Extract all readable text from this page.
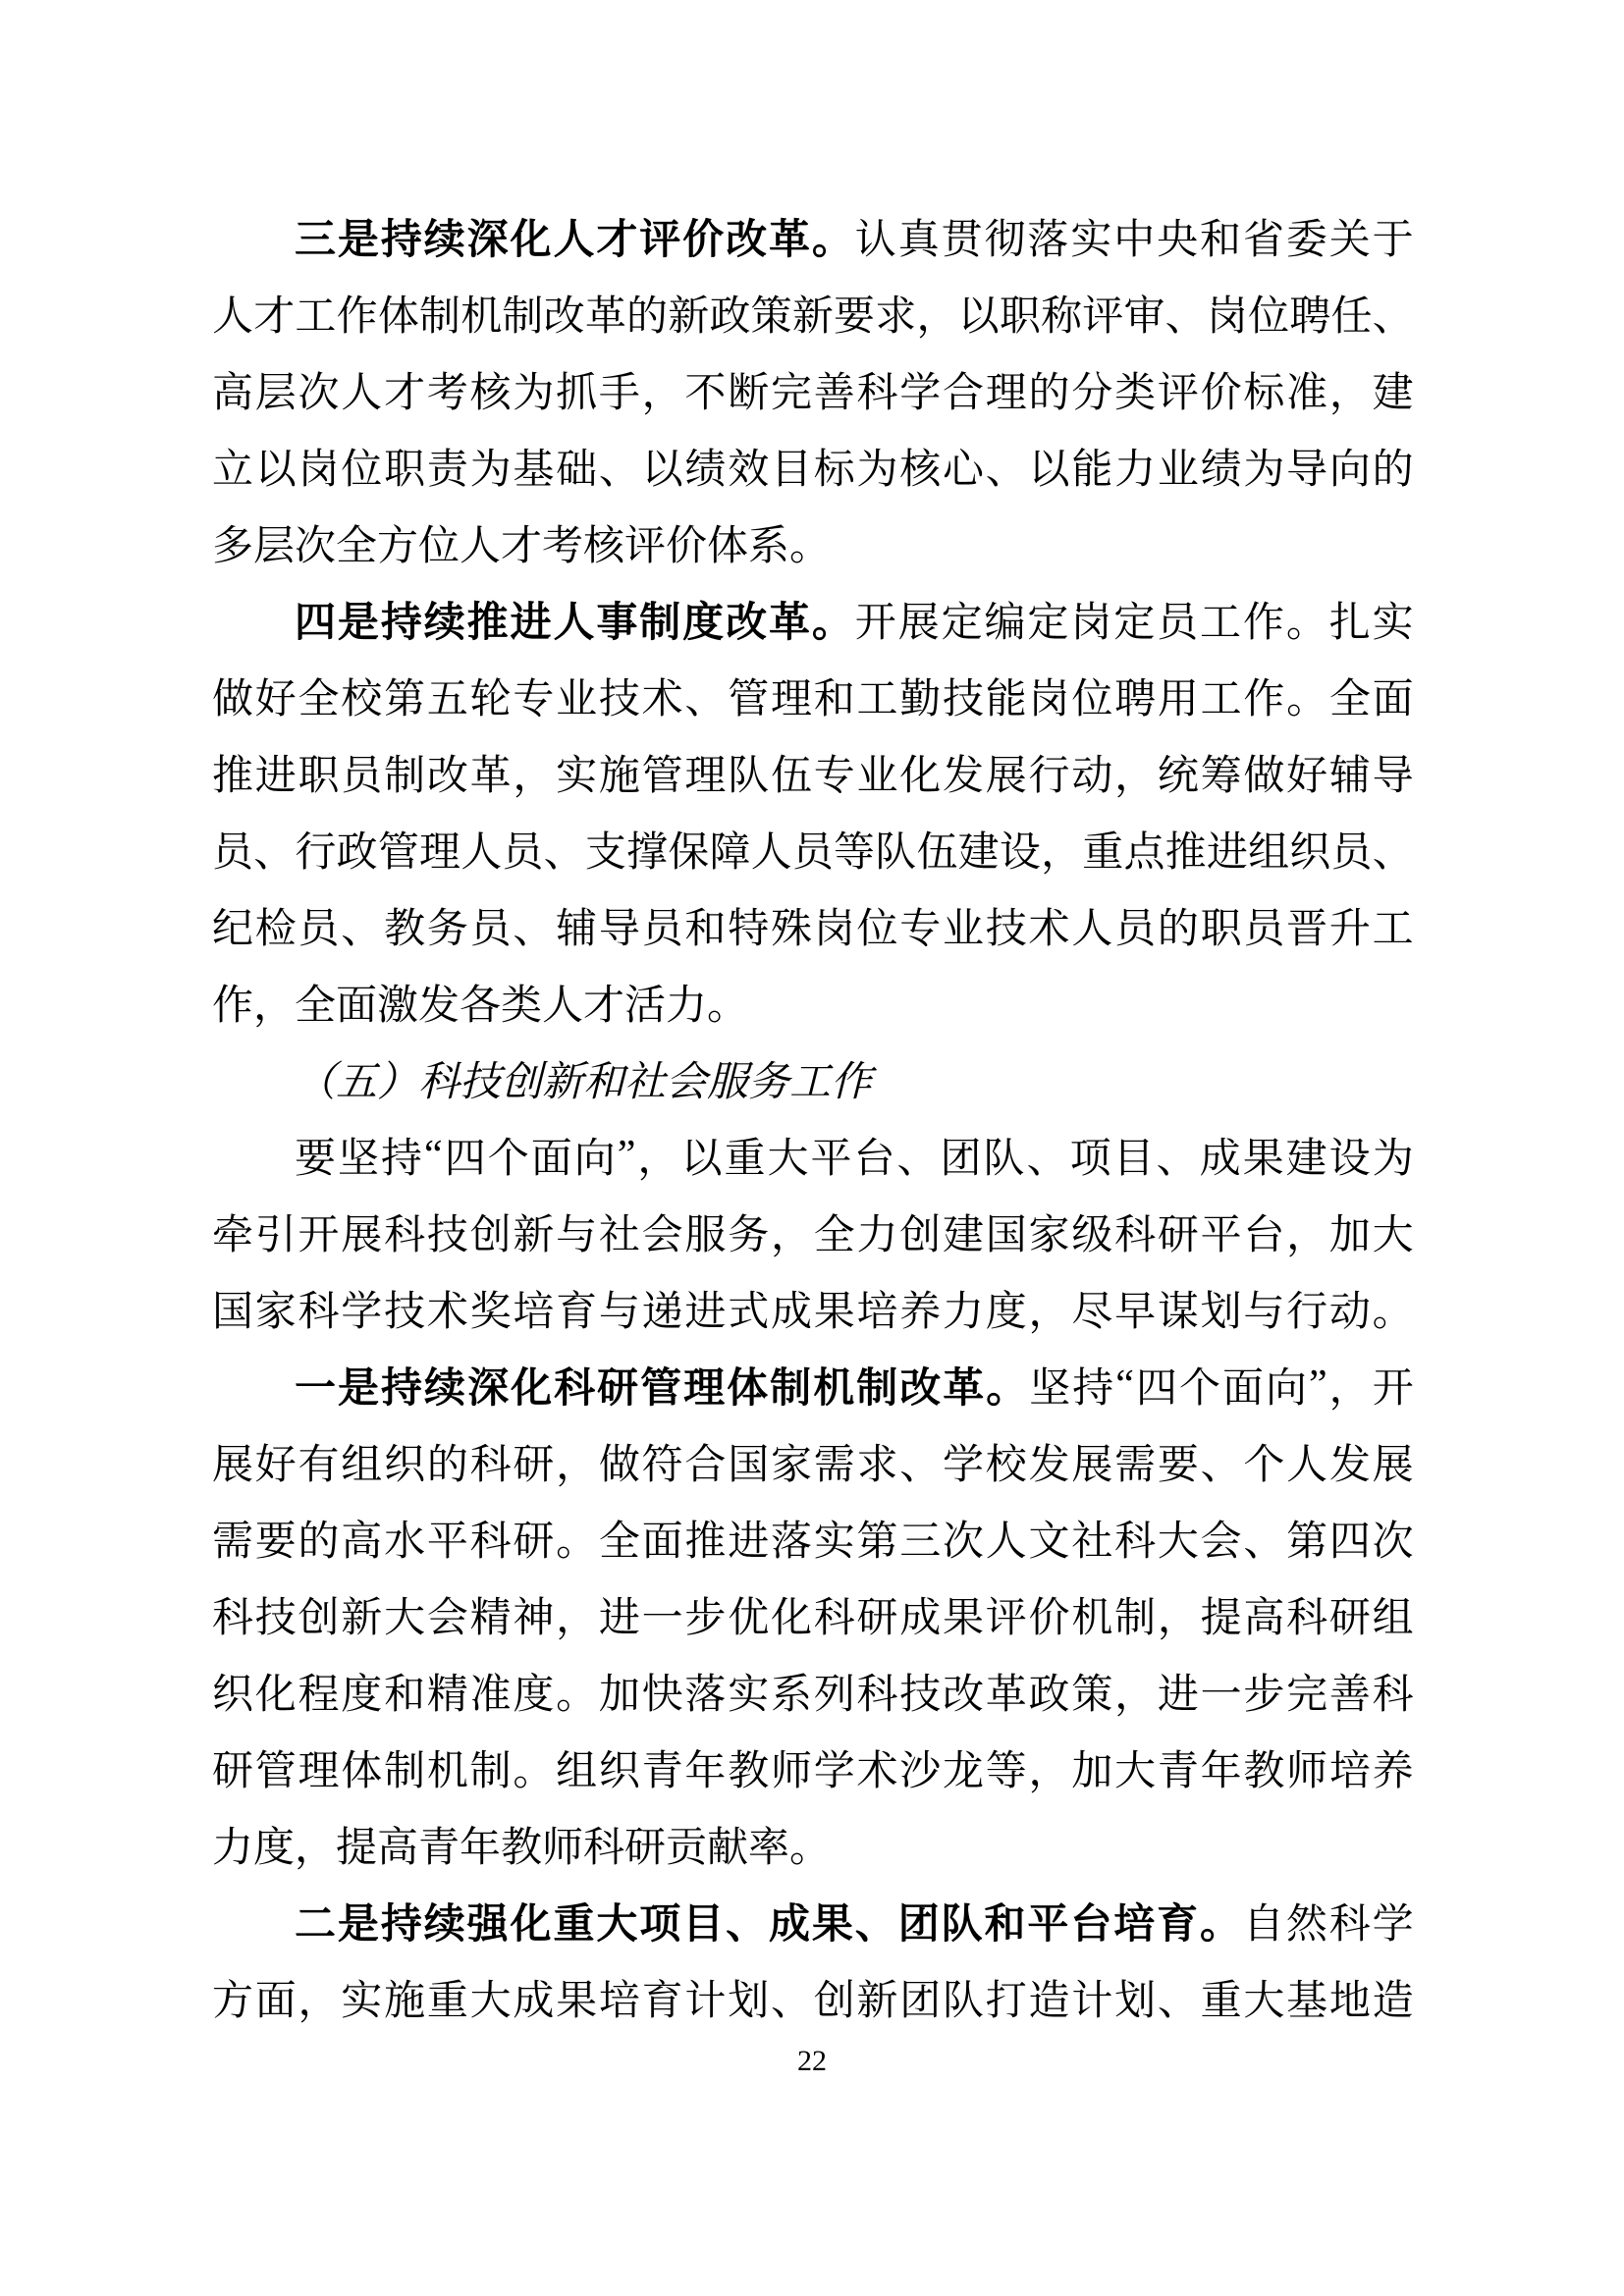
三 是 持 续 深 化 人 才 评 价 改 革 。 认 真 贯 彻 落 实 中 央 和 省 委 关 于
人 才 工 作 体 制 机 制 改 革 的 新 政 策 新 要 求 ， 以 职 称 评 审 、 岗 位 聘 任 、
高 层 次 人 才 考 核 为 抓 手 ， 不 断 完 善 科 学 合 理 的 分 类 评 价 标 准 ， 建
立 以 岗 位 职 责 为 基 础 、 以 绩 效 目 标 为 核 心 、 以 能 力 业 绩 为 导 向 的
多层次全方位人才考核评价体系。
四 是 持 续 推 进 人 事 制 度 改 革 。 开 展 定 编 定 岗 定 员 工 作 。 扎 实
做 好 全 校 第 五 轮 专 业 技 术 、 管 理 和 工 勤 技 能 岗 位 聘 用 工 作 。 全 面
推 进 职 员 制 改 革 ， 实 施 管 理 队 伍 专 业 化 发 展 行 动 ， 统 筹 做 好 辅 导
员 、 行 政 管 理 人 员 、 支 撑 保 障 人 员 等 队 伍 建 设 ， 重 点 推 进 组 织 员 、
纪 检 员 、 教 务 员 、 辅 导 员 和 特 殊 岗 位 专 业 技 术 人 员 的 职 员 晋 升 工
作，全面激发各类人才活力。
（五）科技创新和社会服务工作
要 坚 持 “ 四 个 面 向 ” ， 以 重 大 平 台 、 团 队 、 项 目 、 成 果 建 设 为
牵 引 开 展 科 技 创 新 与 社 会 服 务 ， 全 力 创 建 国 家 级 科 研 平 台 ， 加 大
国 家 科 学 技 术 奖 培 育 与 递 进 式 成 果 培 养 力 度 ， 尽 早 谋 划 与 行 动 。
一 是 持 续 深 化 科 研 管 理 体 制 机 制 改 革 。 坚 持 “ 四 个 面 向 ” ， 开
展 好 有 组 织 的 科 研 ， 做 符 合 国 家 需 求 、 学 校 发 展 需 要 、 个 人 发 展
需 要 的 高 水 平 科 研 。 全 面 推 进 落 实 第 三 次 人 文 社 科 大 会 、 第 四 次
科 技 创 新 大 会 精 神 ， 进 一 步 优 化 科 研 成 果 评 价 机 制 ， 提 高 科 研 组
织 化 程 度 和 精 准 度 。 加 快 落 实 系 列 科 技 改 革 政 策 ， 进 一 步 完 善 科
研 管 理 体 制 机 制 。 组 织 青 年 教 师 学 术 沙 龙 等 ， 加 大 青 年 教 师 培 养
力度，提高青年教师科研贡献率。
二 是 持 续 强 化 重 大 项 目 、 成 果 、 团 队 和 平 台 培 育 。 自 然 科 学
方 面 ， 实 施 重 大 成 果 培 育 计 划 、 创 新 团 队 打 造 计 划 、 重 大 基 地 造
22
